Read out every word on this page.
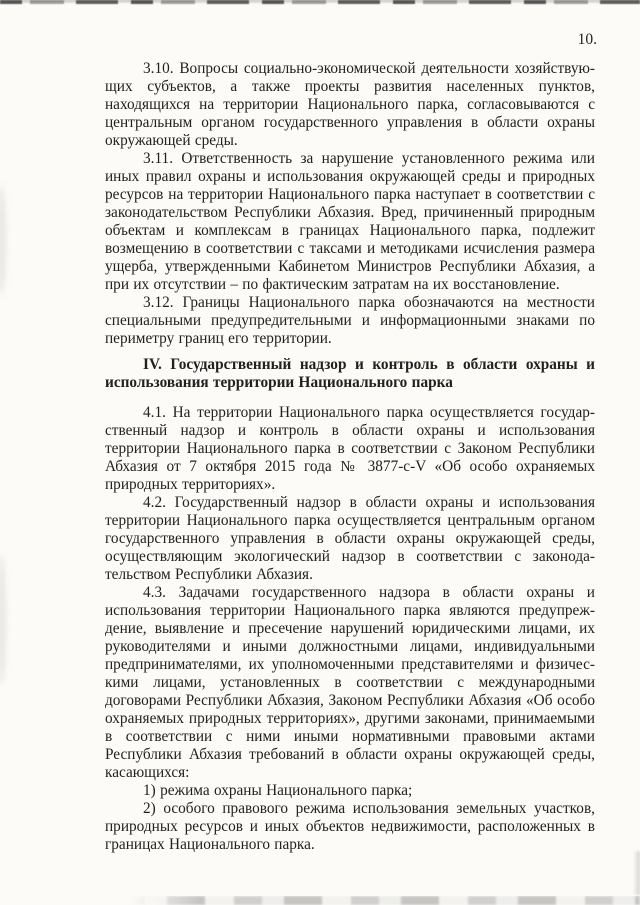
10.
3.10. Вопросы социально-экономической деятельности хозяйствую-
щих субъектов, а также проекты развития населенных пунктов,
находящихся на территории Национального парка, согласовываются с
центральным органом государственного управления в области охраны
окружающей среды.
3.11. Ответственность за нарушение установленного режима или
иных правил охраны и использования окружающей среды и природных
ресурсов на территории Национального парка наступает в соответствии с
законодательством Республики Абхазия. Вред, причиненный природным
объектам и комплексам в границах Национального парка, подлежит
возмещению в соответствии с таксами и методиками исчисления размера
ущерба, утвержденными Кабинетом Министров Республики Абхазия, а
при их отсутствии – по фактическим затратам на их восстановление.
3.12. Границы Национального парка обозначаются на местности
специальными предупредительными и информационными знаками по
периметру границ его территории.
IV. Государственный надзор и контроль в области охраны и
использования территории Национального парка
4.1. На территории Национального парка осуществляется государ-
ственный надзор и контроль в области охраны и использования
территории Национального парка в соответствии с Законом Республики
Абхазия от 7 октября 2015 года № 3877-с-V «Об особо охраняемых
природных территориях».
4.2. Государственный надзор в области охраны и использования
территории Национального парка осуществляется центральным органом
государственного управления в области охраны окружающей среды,
осуществляющим экологический надзор в соответствии с законода-
тельством Республики Абхазия.
4.3. Задачами государственного надзора в области охраны и
использования территории Национального парка являются предупреж-
дение, выявление и пресечение нарушений юридическими лицами, их
руководителями и иными должностными лицами, индивидуальными
предпринимателями, их уполномоченными представителями и физичес-
кими лицами, установленных в соответствии с международными
договорами Республики Абхазия, Законом Республики Абхазия «Об особо
охраняемых природных территориях», другими законами, принимаемыми
в соответствии с ними иными нормативными правовыми актами
Республики Абхазия требований в области охраны окружающей среды,
касающихся:
1) режима охраны Национального парка;
2) особого правового режима использования земельных участков,
природных ресурсов и иных объектов недвижимости, расположенных в
границах Национального парка.
